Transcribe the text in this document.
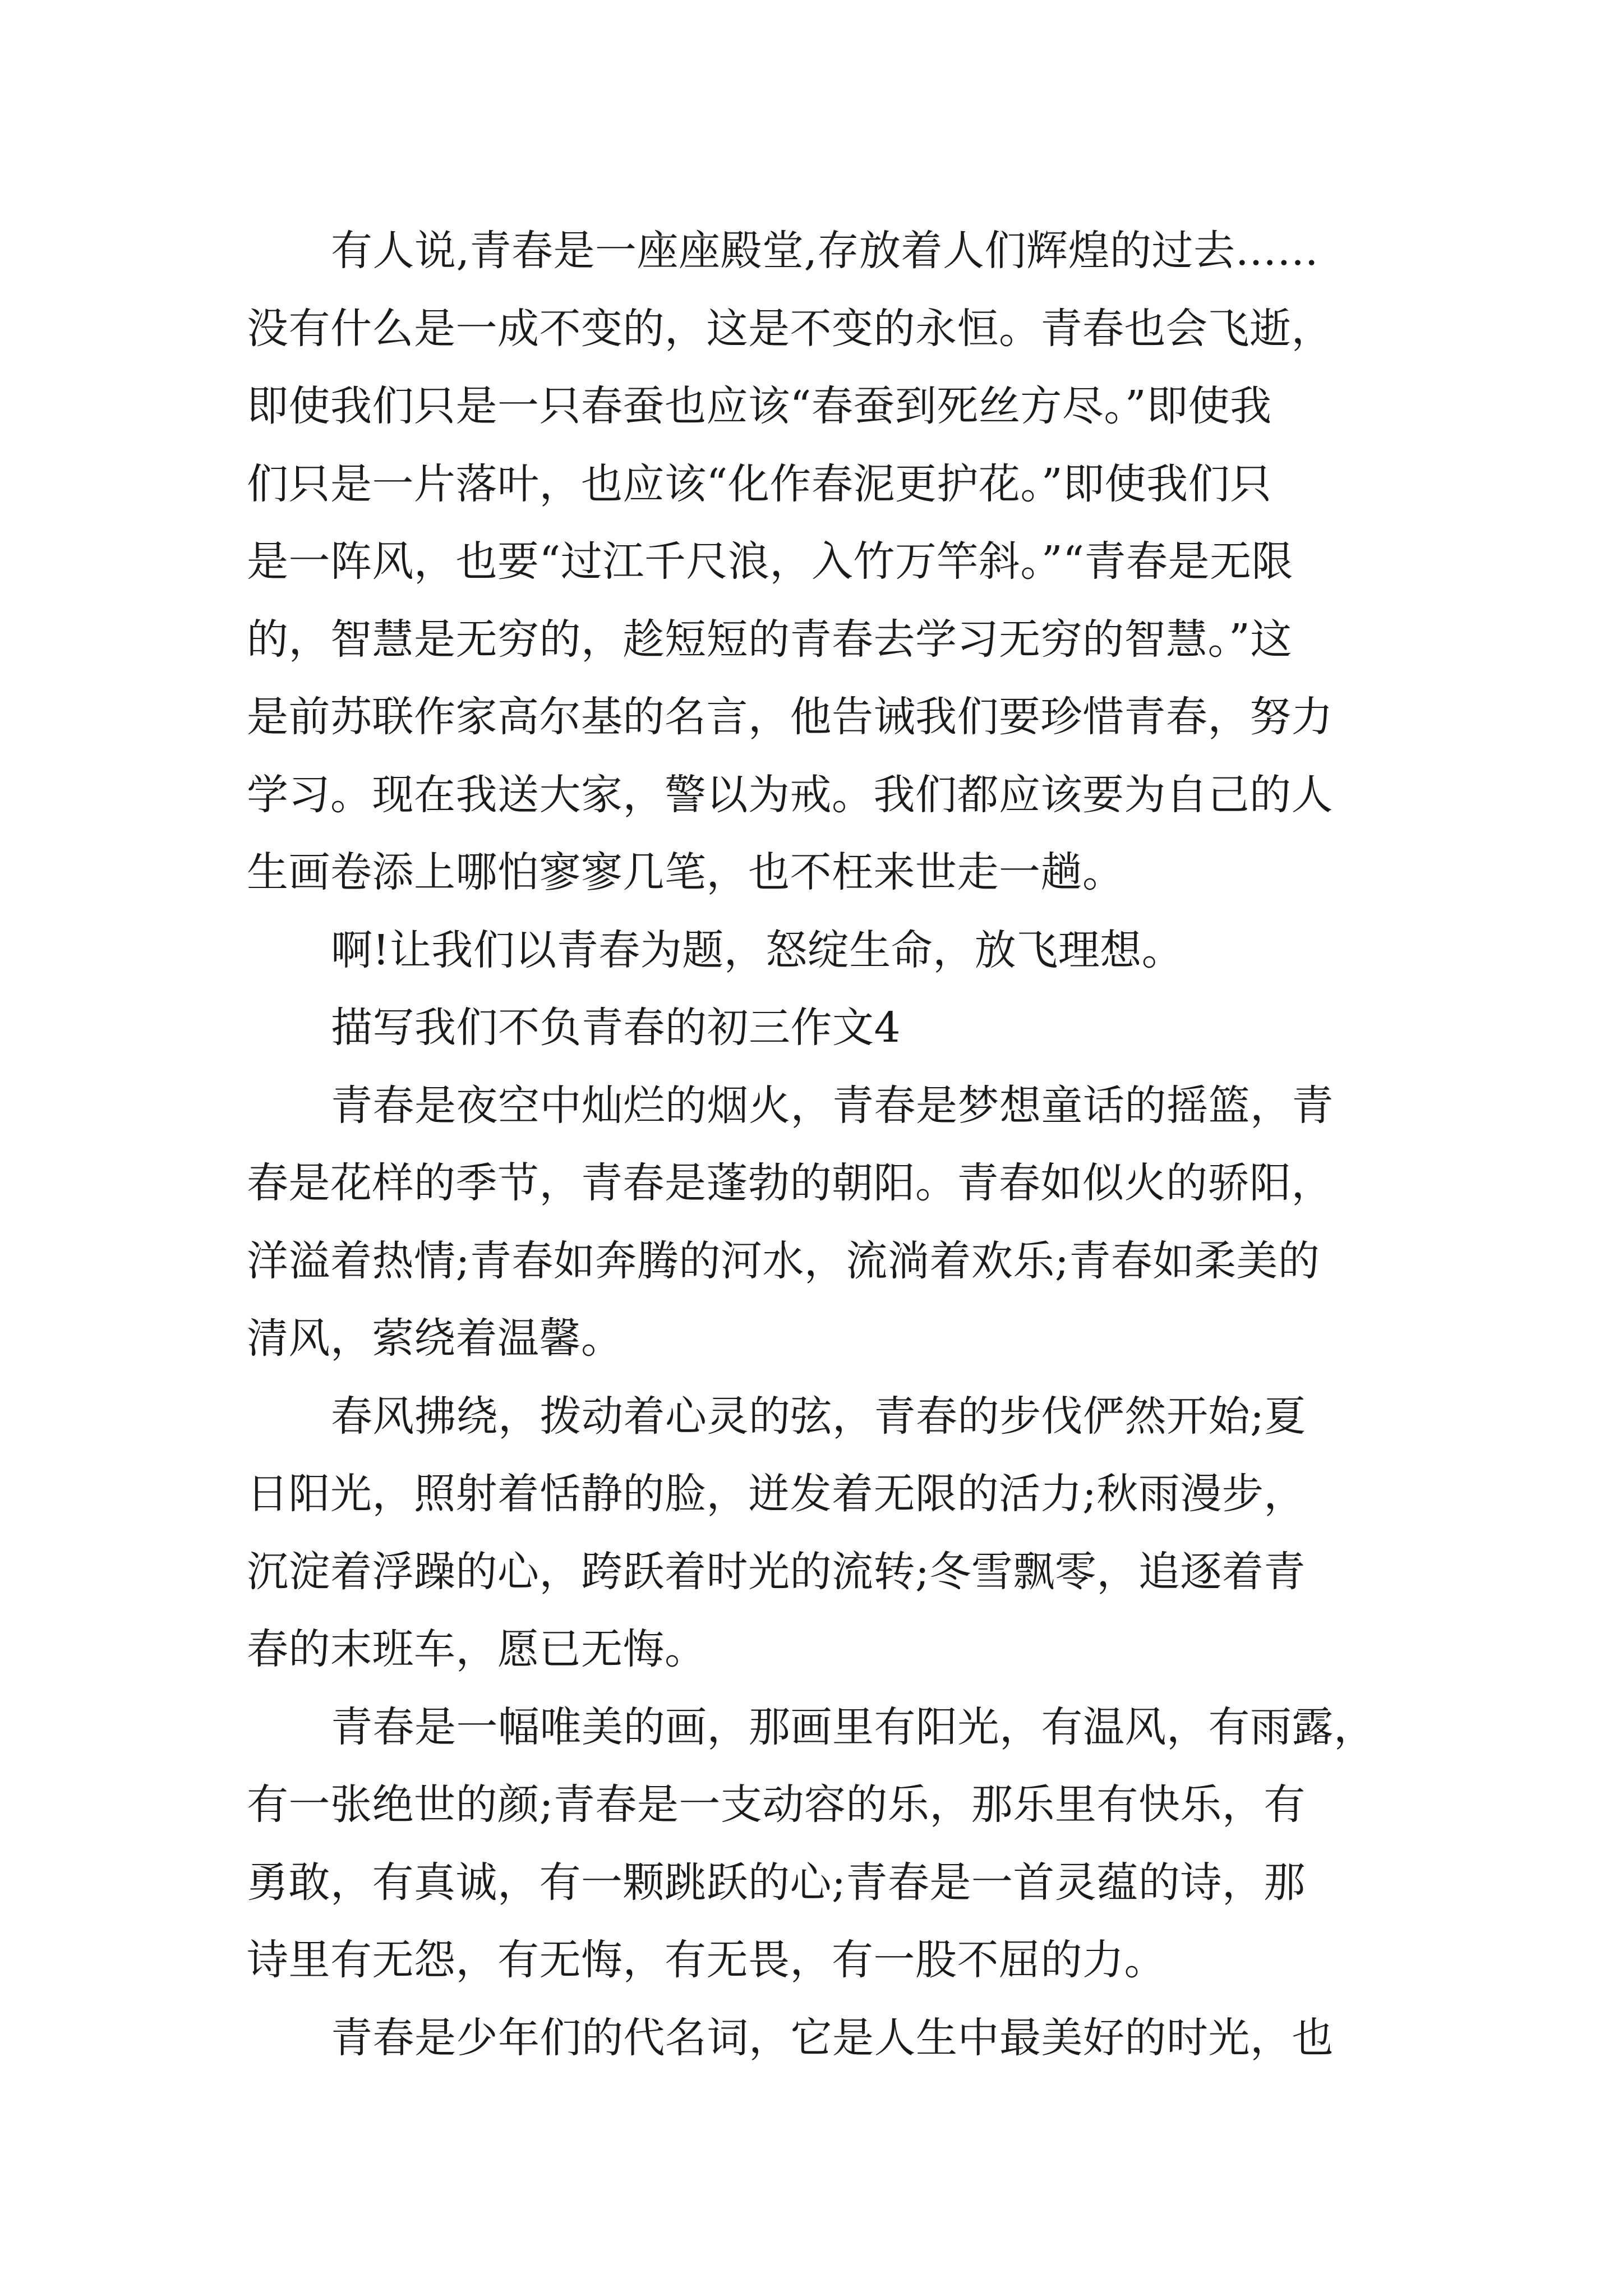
有人说,青春是一座座殿堂,存放着人们辉煌的过去……
没有什么是一成不变的，这是不变的永恒。青春也会飞逝，
即使我们只是一只春蚕也应该“春蚕到死丝方尽。”即使我
们只是一片落叶，也应该“化作春泥更护花。”即使我们只
是一阵风，也要“过江千尺浪，入竹万竿斜。”“青春是无限
的，智慧是无穷的，趁短短的青春去学习无穷的智慧。”这
是前苏联作家高尔基的名言，他告诫我们要珍惜青春，努力
学习。现在我送大家，警以为戒。我们都应该要为自己的人
生画卷添上哪怕寥寥几笔，也不枉来世走一趟。
啊!让我们以青春为题，怒绽生命，放飞理想。
描写我们不负青春的初三作文4
青春是夜空中灿烂的烟火，青春是梦想童话的摇篮，青
春是花样的季节，青春是蓬勃的朝阳。青春如似火的骄阳，
洋溢着热情;青春如奔腾的河水，流淌着欢乐;青春如柔美的
清风，萦绕着温馨。
春风拂绕，拨动着心灵的弦，青春的步伐俨然开始;夏
日阳光，照射着恬静的脸，迸发着无限的活力;秋雨漫步，
沉淀着浮躁的心，跨跃着时光的流转;冬雪飘零，追逐着青
春的末班车，愿已无悔。
青春是一幅唯美的画，那画里有阳光，有温风，有雨露，
有一张绝世的颜;青春是一支动容的乐，那乐里有快乐，有
勇敢，有真诚，有一颗跳跃的心;青春是一首灵蕴的诗，那
诗里有无怨，有无悔，有无畏，有一股不屈的力。
青春是少年们的代名词，它是人生中最美好的时光，也
